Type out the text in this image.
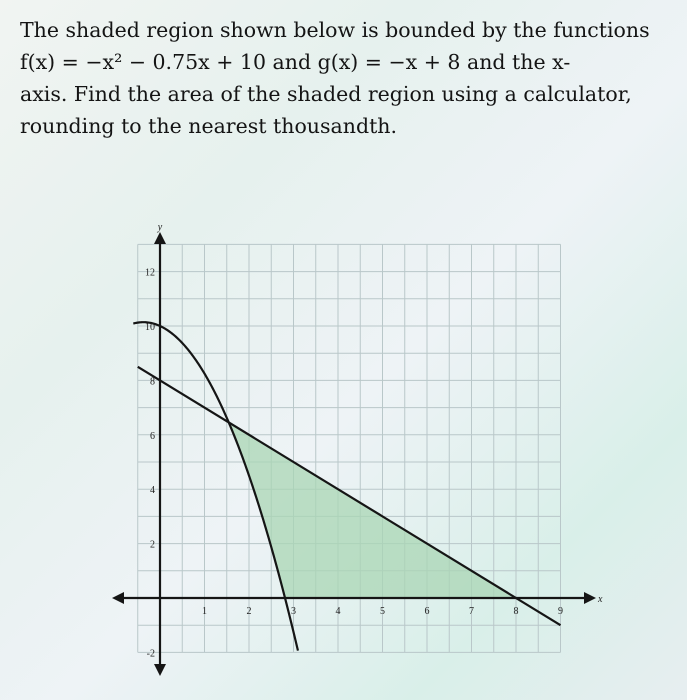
The shaded region shown below is bounded by the functions
f(x) = −x² − 0.75x + 10 and g(x) = −x + 8 and the x-
axis. Find the area of the shaded region using a calculator,
rounding to the nearest thousandth.
1	2	3	4	5	6	7	8	9
12
10
8
6
4
2
-2
x
y
